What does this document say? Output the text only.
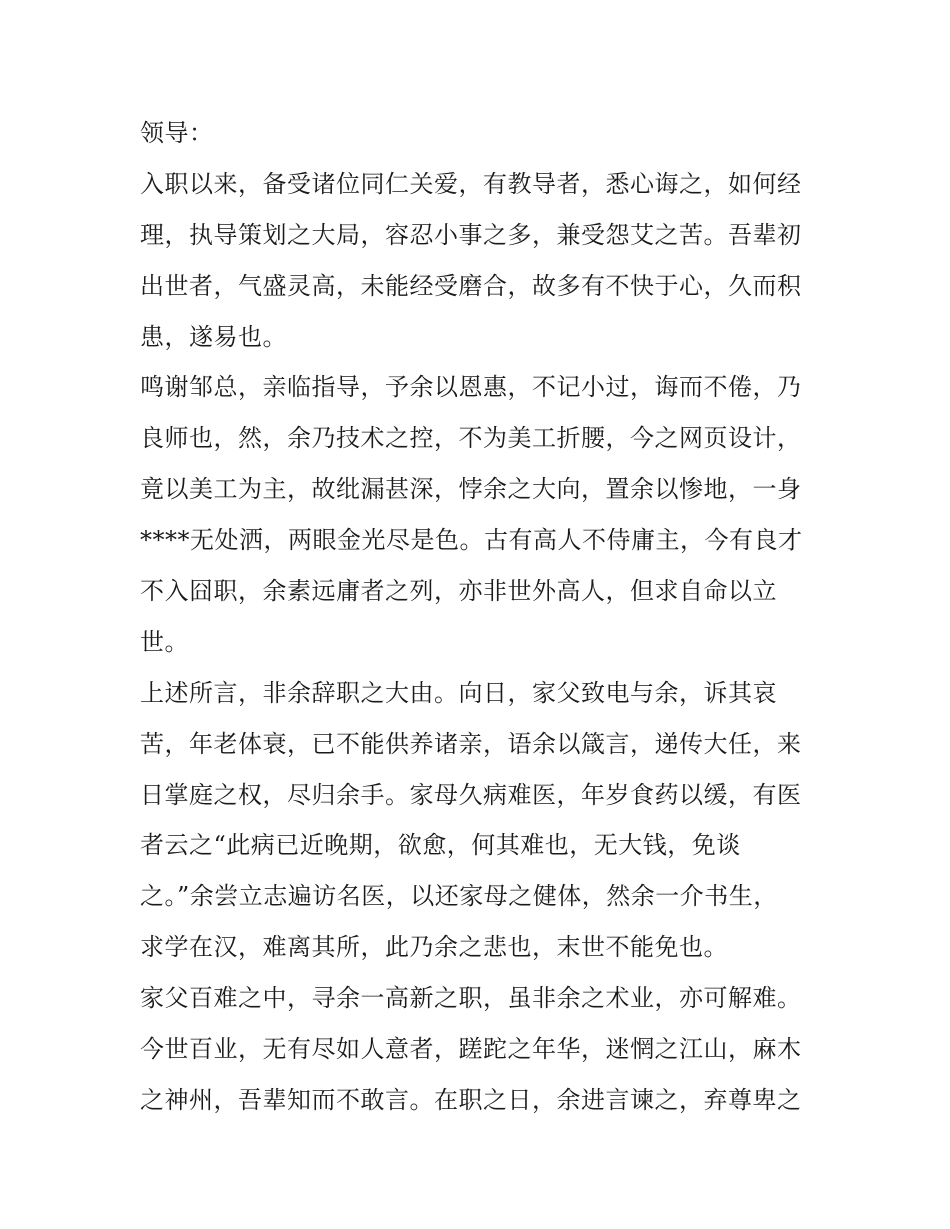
领导：
入职以来，备受诸位同仁关爱，有教导者，悉心诲之，如何经
理，执导策划之大局，容忍小事之多，兼受怨艾之苦。吾辈初
出世者，气盛灵高，未能经受磨合，故多有不快于心，久而积
患，遂易也。
鸣谢邹总，亲临指导，予余以恩惠，不记小过，诲而不倦，乃
良师也，然，余乃技术之控，不为美工折腰，今之网页设计，
竟以美工为主，故纰漏甚深，悖余之大向，置余以惨地，一身
****无处洒，两眼金光尽是色。古有高人不侍庸主，今有良才
不入囧职，余素远庸者之列，亦非世外高人，但求自命以立
世。
上述所言，非余辞职之大由。向日，家父致电与余，诉其哀
苦，年老体衰，已不能供养诸亲，语余以箴言，递传大任，来
日掌庭之权，尽归余手。家母久病难医，年岁食药以缓，有医
者云之“此病已近晚期，欲愈，何其难也，无大钱，免谈
之。”余尝立志遍访名医，以还家母之健体，然余一介书生，
求学在汉，难离其所，此乃余之悲也，末世不能免也。
家父百难之中，寻余一高新之职，虽非余之术业，亦可解难。
今世百业，无有尽如人意者，蹉跎之年华，迷惘之江山，麻木
之神州，吾辈知而不敢言。在职之日，余进言谏之，弃尊卑之
